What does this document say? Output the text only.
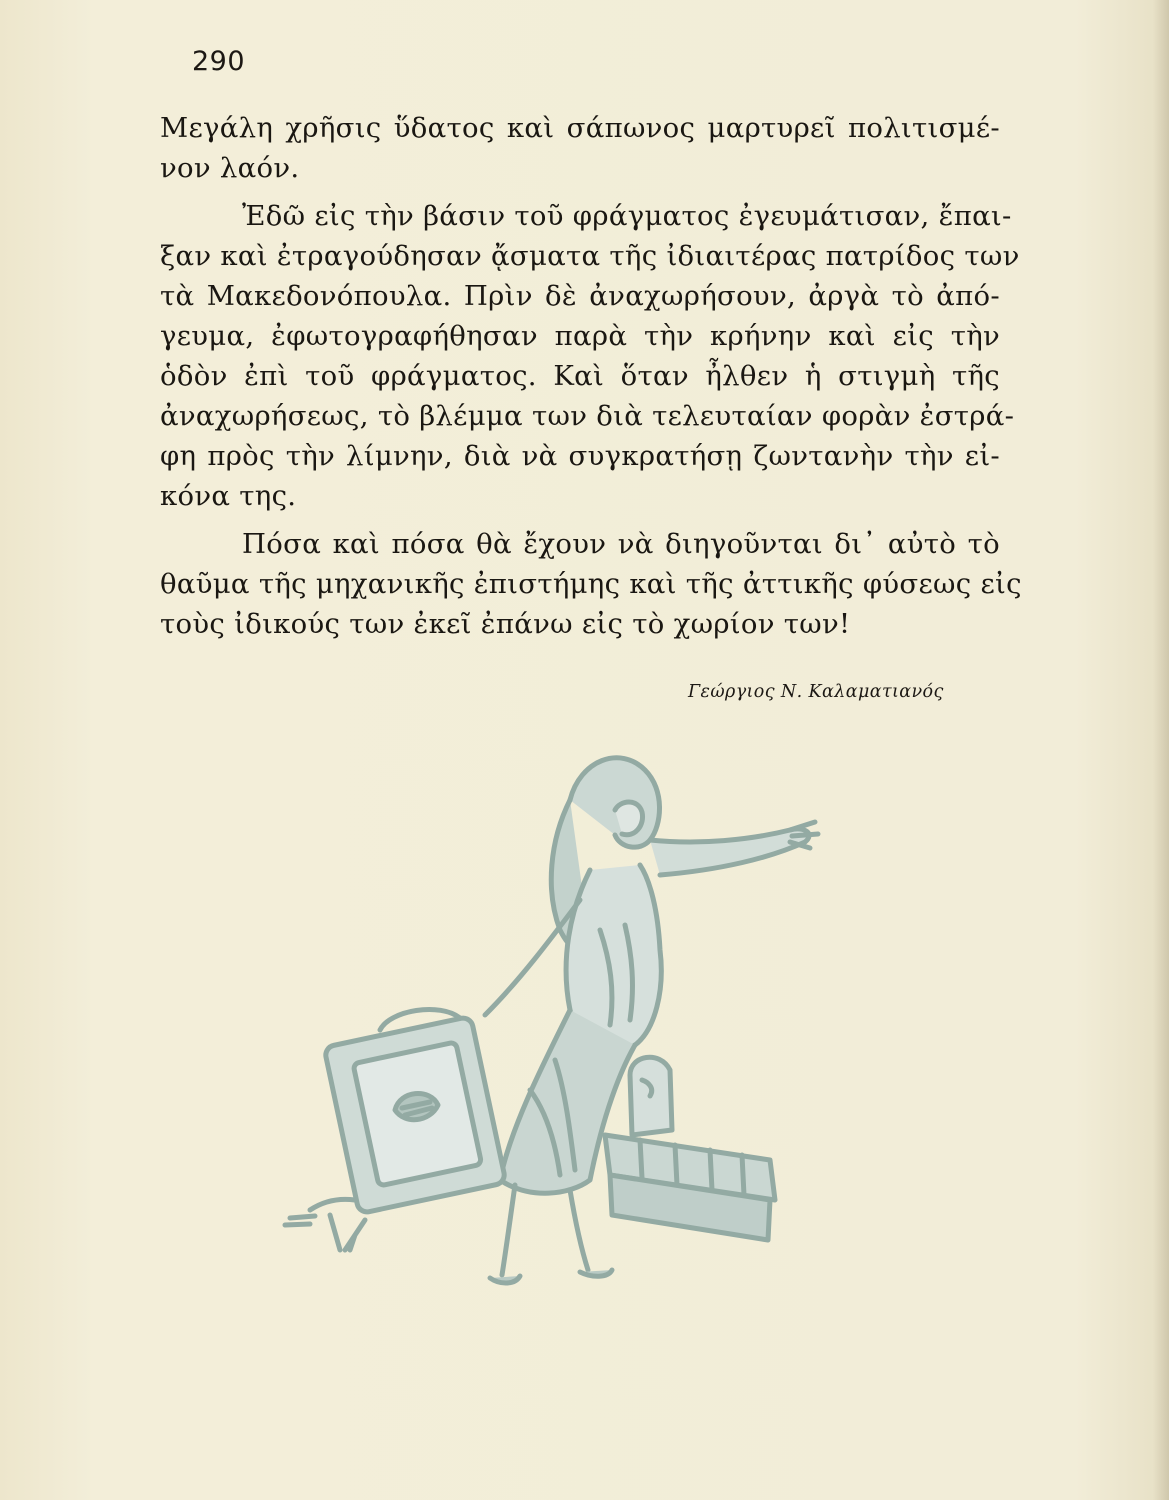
290
Μεγάλη χρῆσις ὕδατος καὶ σάπωνος μαρτυρεῖ πολιτισμέ-
νον λαόν.
Ἐδῶ εἰς τὴν βάσιν τοῦ φράγματος ἐγευμάτισαν, ἔπαι-
ξαν καὶ ἐτραγούδησαν ᾄσματα τῆς ἰδιαιτέρας πατρίδος των
τὰ Μακεδονόπουλα. Πρὶν δὲ ἀναχωρήσουν, ἀργὰ τὸ ἀπό-
γευμα, ἐφωτογραφήθησαν παρὰ τὴν κρήνην καὶ εἰς τὴν
ὁδὸν ἐπὶ τοῦ φράγματος. Καὶ ὅταν ἦλθεν ἡ στιγμὴ τῆς
ἀναχωρήσεως, τὸ βλέμμα των διὰ τελευταίαν φορὰν ἐστρά-
φη πρὸς τὴν λίμνην, διὰ νὰ συγκρατήσῃ ζωντανὴν τὴν εἰ-
κόνα της.
Πόσα καὶ πόσα θὰ ἔχουν νὰ διηγοῦνται δι᾽ αὐτὸ τὸ
θαῦμα τῆς μηχανικῆς ἐπιστήμης καὶ τῆς ἀττικῆς φύσεως εἰς
τοὺς ἰδικούς των ἐκεῖ ἐπάνω εἰς τὸ χωρίον των!
Γεώργιος Ν. Καλαματιανός
